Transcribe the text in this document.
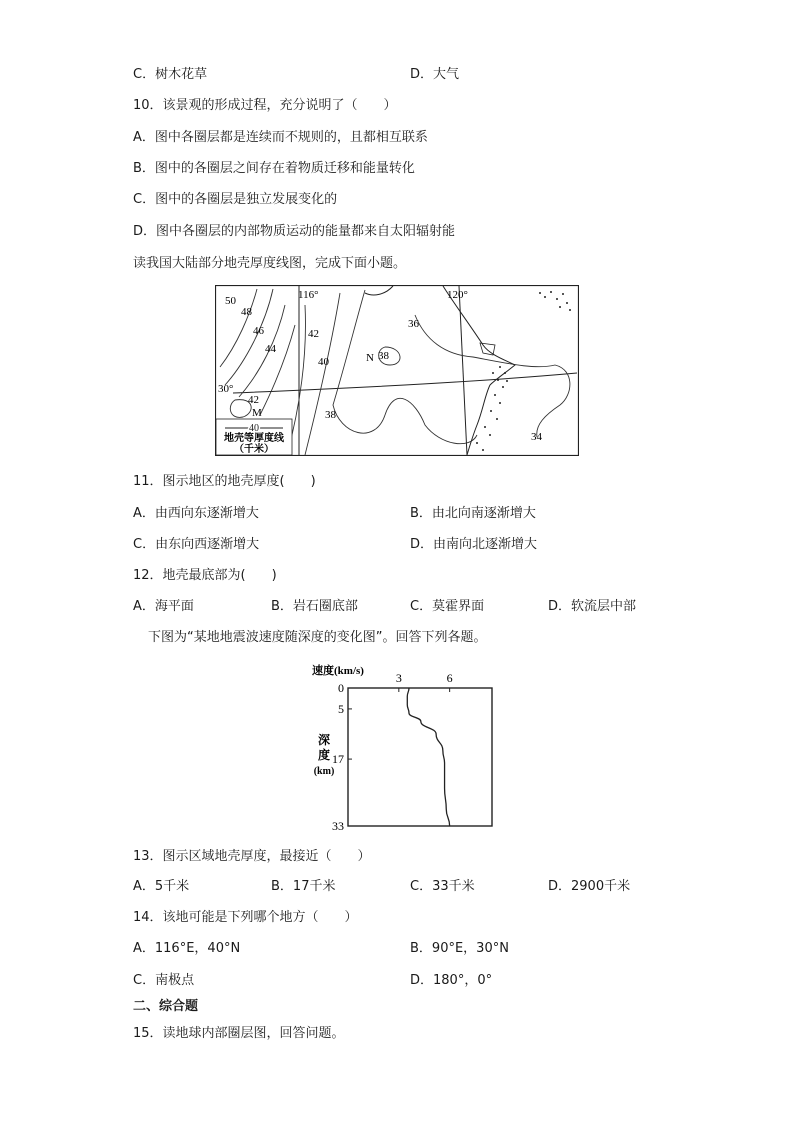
C．树木花草	D．大气
10．该景观的形成过程，充分说明了（　　）
A．图中各圈层都是连续而不规则的，且都相互联系
B．图中的各圈层之间存在着物质迁移和能量转化
C．图中的各圈层是独立发展变化的
D．图中各圈层的内部物质运动的能量都来自太阳辐射能
读我国大陆部分地壳厚度线图，完成下面小题。
116°	120°
30°
50
48
46
44
42
40
38
36
42
38
34
N
M
40
地壳等厚度线
（千米）
11．图示地区的地壳厚度(　　)
A．由西向东逐渐增大	B．由北向南逐渐增大
C．由东向西逐渐增大	D．由南向北逐渐增大
12．地壳最底部为(　　)
A．海平面	B．岩石圈底部	C．莫霍界面	D．软流层中部
下图为“某地地震波速度随深度的变化图”。回答下列各题。
速度(km/s)
深
度
(km)
3	6
0
5
17
33
13．图示区域地壳厚度，最接近（　　）
A．5千米	B．17千米	C．33千米	D．2900千米
14．该地可能是下列哪个地方（　　）
A．116°E，40°N	B．90°E，30°N
C．南极点	D．180°，0°
二、综合题
15．读地球内部圈层图，回答问题。
